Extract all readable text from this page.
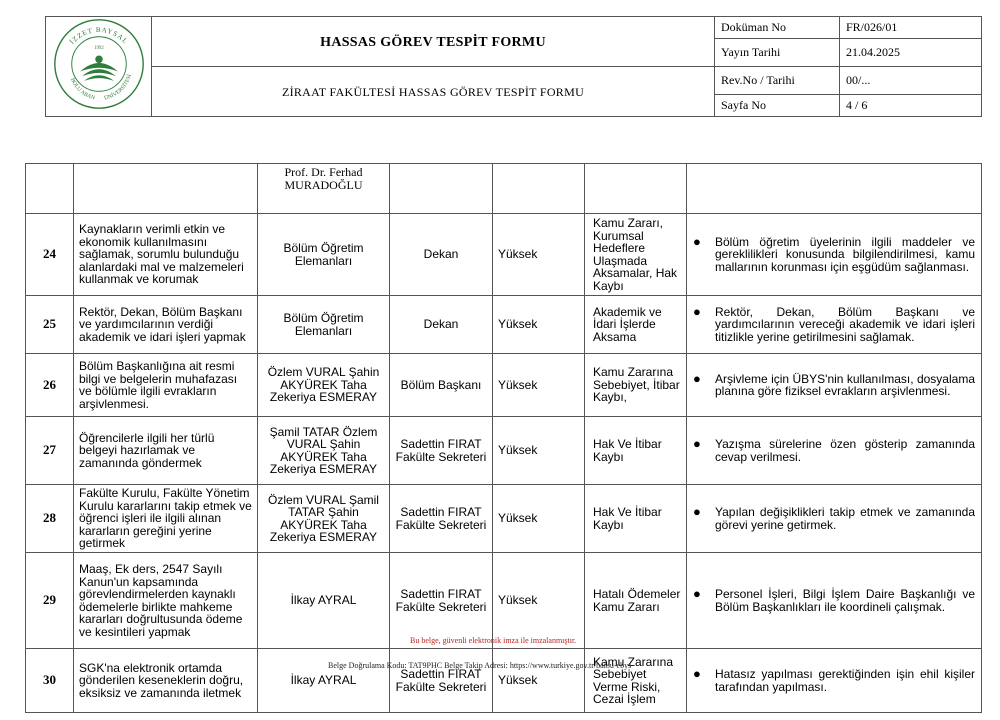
İZZET BAYSAL
BOLU ABAN ÜNİVERSİTESİ
1992	HASSAS GÖREV TESPİT FORMU	Doküman No	FR/026/01
		Yayın Tarihi	21.04.2025
	ZİRAAT FAKÜLTESİ HASSAS GÖREV TESPİT FORMU	Rev.No / Tarihi	00/...
		Sayfa No	4 / 6

		Prof. Dr. Ferhad
MURADOĞLU				

24	Kaynakların verimli etkin ve ekonomik kullanılmasını sağlamak, sorumlu bulunduğu alanlardaki mal ve malzemeleri kullanmak ve korumak	Bölüm Öğretim Elemanları	Dekan	Yüksek	Kamu Zararı, Kurumsal Hedeflere Ulaşmada Aksamalar, Hak Kaybı	● Bölüm öğretim üyelerinin ilgili maddeler ve gereklilikleri konusunda bilgilendirilmesi, kamu mallarının korunması için eşgüdüm sağlanması.

25	Rektör, Dekan, Bölüm Başkanı ve yardımcılarının verdiği akademik ve idari işleri yapmak	Bölüm Öğretim Elemanları	Dekan	Yüksek	Akademik ve İdari İşlerde Aksama	● Rektör, Dekan, Bölüm Başkanı ve yardımcılarının vereceği akademik ve idari işleri titizlikle yerine getirilmesini sağlamak.

26	Bölüm Başkanlığına ait resmi bilgi ve belgelerin muhafazası ve bölümle ilgili evrakların arşivlenmesi.	Özlem VURAL Şahin AKYÜREK Taha Zekeriya ESMERAY	Bölüm Başkanı	Yüksek	Kamu Zararına Sebebiyet, İtibar Kaybı,	● Arşivleme için ÜBYS'nin kullanılması, dosyalama planına göre fiziksel evrakların arşivlenmesi.

27	Öğrencilerle ilgili her türlü belgeyi hazırlamak ve zamanında göndermek	Şamil TATAR Özlem VURAL Şahin AKYÜREK Taha Zekeriya ESMERAY	Sadettin FIRAT Fakülte Sekreteri	Yüksek	Hak Ve İtibar Kaybı	● Yazışma sürelerine özen gösterip zamanında cevap verilmesi.

28	Fakülte Kurulu, Fakülte Yönetim Kurulu kararlarını takip etmek ve öğrenci işleri ile ilgili alınan kararların gereğini yerine getirmek	Özlem VURAL Şamil TATAR Şahin AKYÜREK Taha Zekeriya ESMERAY	Sadettin FIRAT Fakülte Sekreteri	Yüksek	Hak Ve İtibar Kaybı	● Yapılan değişiklikleri takip etmek ve zamanında görevi yerine getirmek.

29	Maaş, Ek ders, 2547 Sayılı Kanun'un kapsamında görevlendirmelerden kaynaklı ödemelerle birlikte mahkeme kararları doğrultusunda ödeme ve kesintileri yapmak	İlkay AYRAL	Sadettin FIRAT Fakülte Sekreteri	Yüksek	Hatalı Ödemeler Kamu Zararı	● Personel İşleri, Bilgi İşlem Daire Başkanlığı ve Bölüm Başkanlıkları ile koordineli çalışmak.

30	SGK'na elektronik ortamda gönderilen keseneklerin doğru, eksiksiz ve zamanında iletmek	İlkay AYRAL	Sadettin FIRAT Fakülte Sekreteri	Yüksek	Kamu Zararına Sebebiyet Verme Riski, Cezai İşlem	● Hatasız yapılması gerektiğinden işin ehil kişiler tarafından yapılması.
Bu belge, güvenli elektronik imza ile imzalanmıştır.
Belge Doğrulama Kodu: TAT9PHC Belge Takip Adresi: https://www.turkiye.gov.tr/baibu-ebys
